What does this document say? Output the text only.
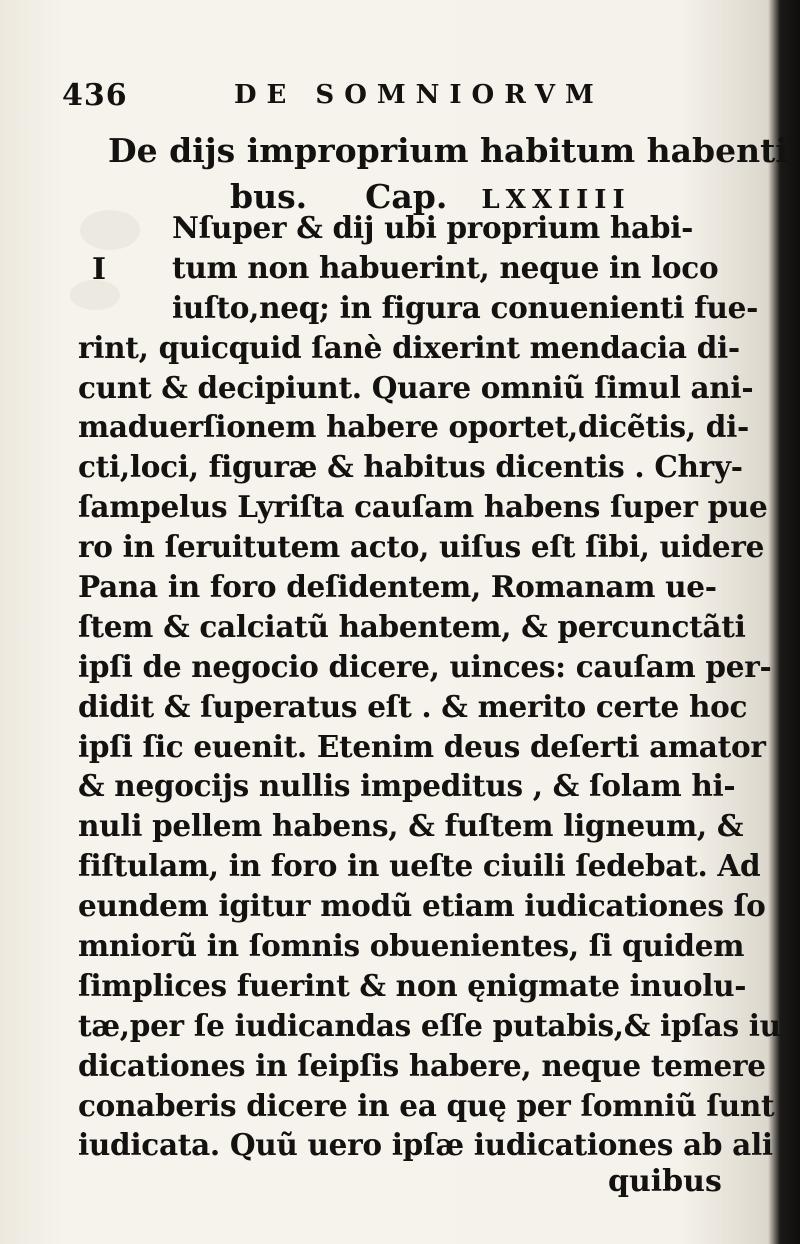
436	DE SOMNIORVM
De dijs improprium habitum habenti
bus. Cap. LXXIIII
I
Nſuper & dij ubi proprium habi-
tum non habuerint, neque in loco
iuſto,neq; in figura conuenienti fue-
rint, quicquid ſanè dixerint mendacia di-
cunt & decipiunt. Quare omniũ ſimul ani-
maduerſionem habere oportet,dicẽtis, di-
cti,loci, figuræ & habitus dicentis . Chry-
ſampelus Lyriſta cauſam habens ſuper pue
ro in ſeruitutem acto, uiſus eſt ſibi, uidere
Pana in foro deſidentem, Romanam ue-
ſtem & calciatũ habentem, & percunctãti
ipſi de negocio dicere, uinces: cauſam per-
didit & ſuperatus eſt . & merito certe hoc
ipſi ſic euenit. Etenim deus deſerti amator
& negocijs nullis impeditus , & ſolam hi-
nuli pellem habens, & fuſtem ligneum, &
fiſtulam, in foro in ueſte ciuili ſedebat. Ad
eundem igitur modũ etiam iudicationes ſo
mniorũ in ſomnis obuenientes, ſi quidem
ſimplices fuerint & non ęnigmate inuolu-
tæ,per ſe iudicandas eſſe putabis,& ipſas iu
dicationes in ſeipſis habere, neque temere
conaberis dicere in ea quę per ſomniũ ſunt
iudicata. Quũ uero ipſæ iudicationes ab ali
quibus
